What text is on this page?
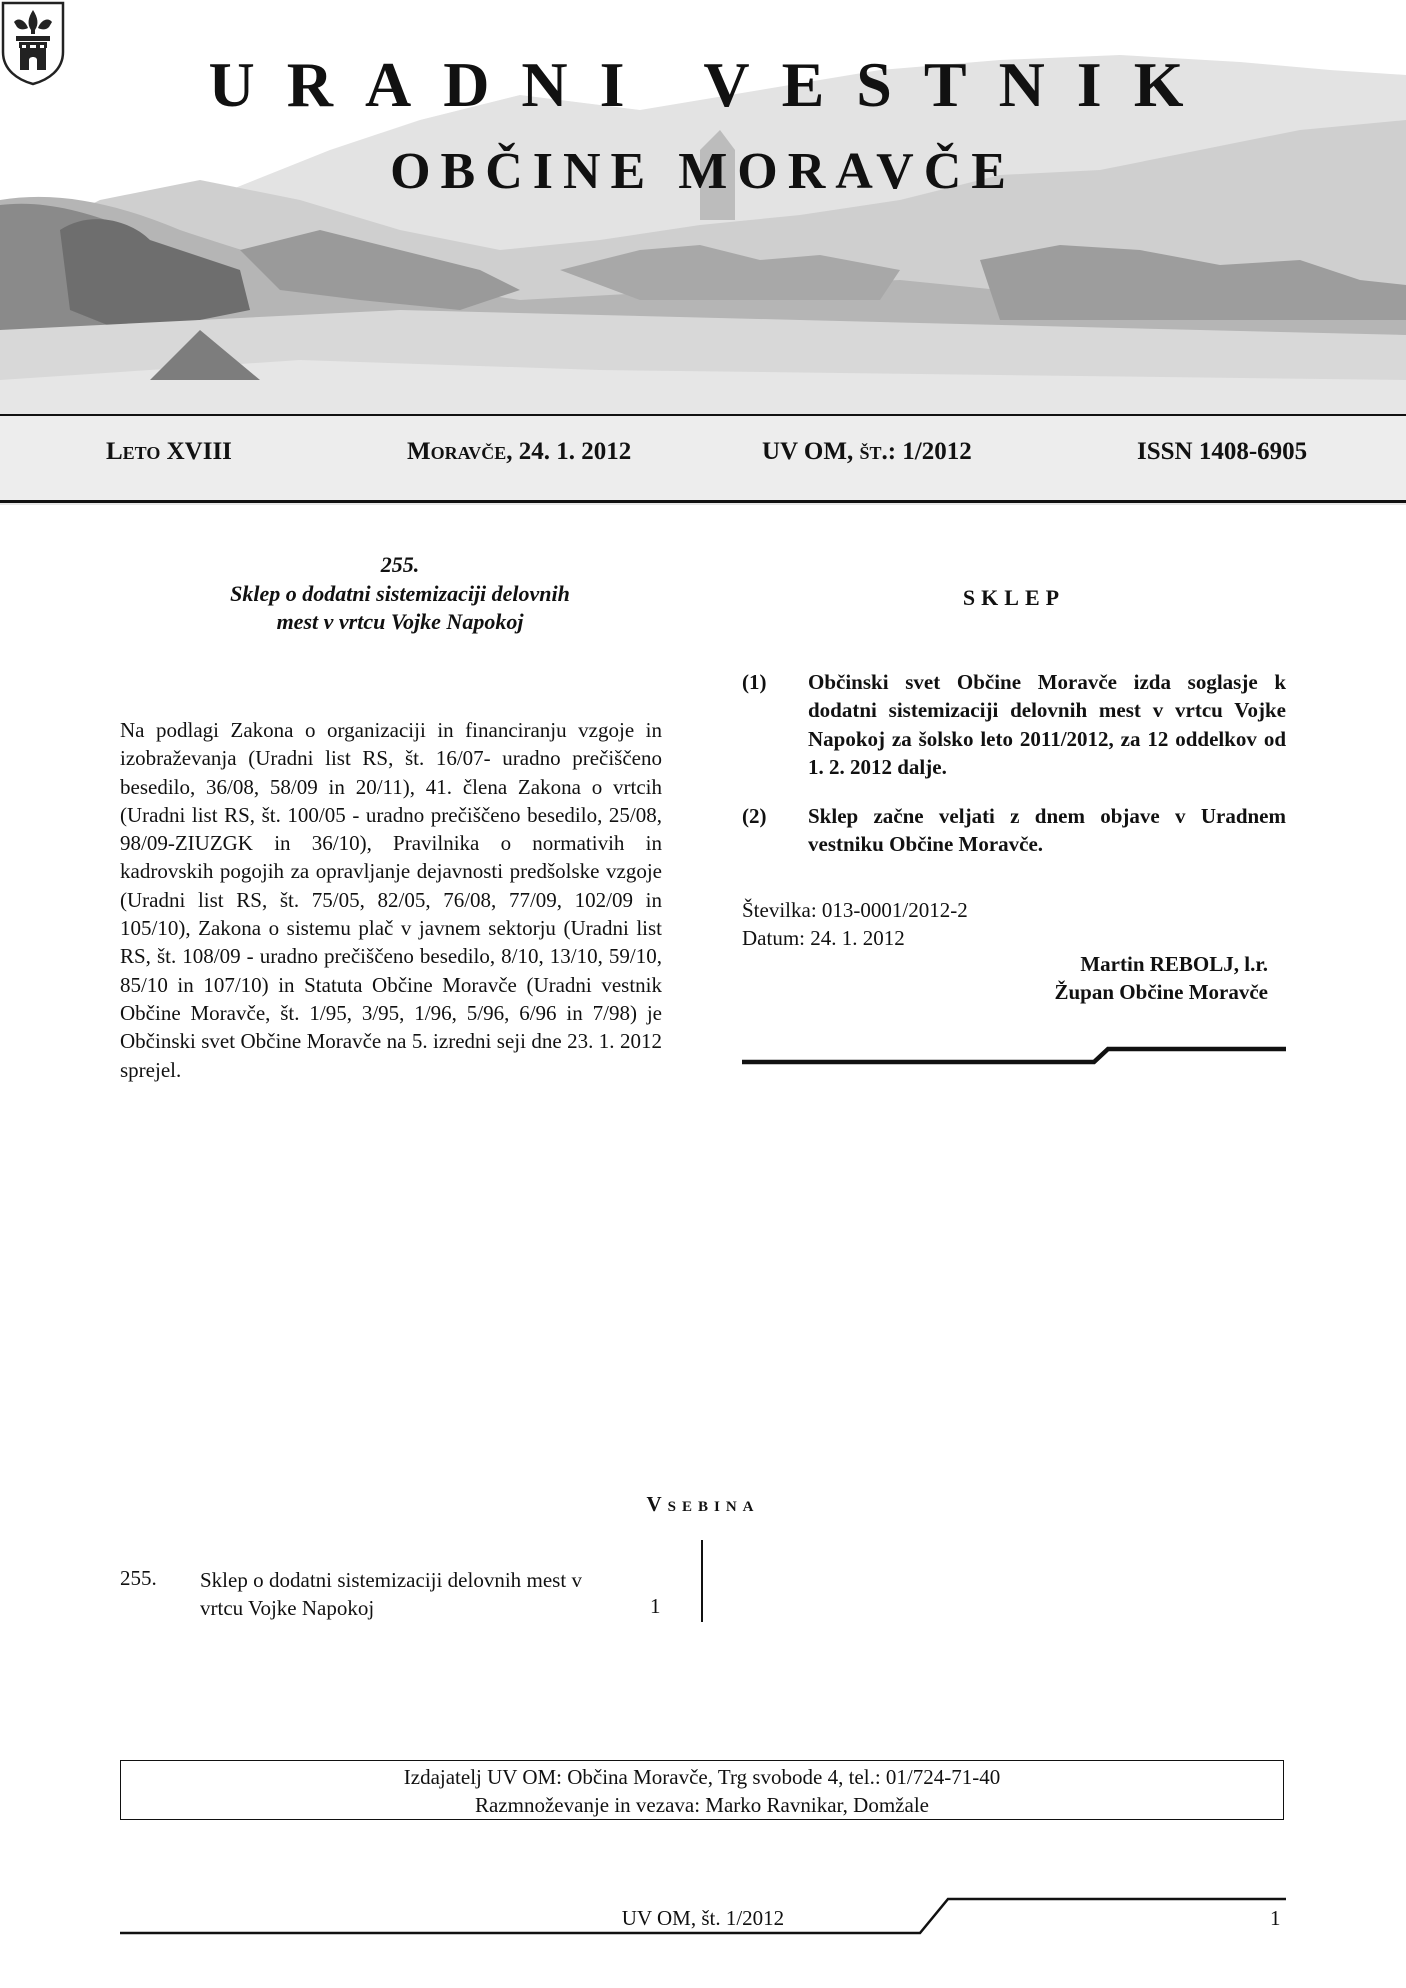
URADNI VESTNIK
OBČINE MORAVČE
Leto XVIII	Moravče, 24. 1. 2012	UV OM, št.: 1/2012	ISSN 1408-6905
255.
Sklep o dodatni sistemizaciji delovnih
mest v vrtcu Vojke Napokoj
Na podlagi Zakona o organizaciji in financiranju vzgoje in izobraževanja (Uradni list RS, št. 16/07- uradno prečiščeno besedilo, 36/08, 58/09 in 20/11), 41. člena Zakona o vrtcih (Uradni list RS, št. 100/05 - uradno prečiščeno besedilo, 25/08, 98/09-ZIUZGK in 36/10), Pravilnika o normativih in kadrovskih pogojih za opravljanje dejavnosti predšolske vzgoje (Uradni list RS, št. 75/05, 82/05, 76/08, 77/09, 102/09 in 105/10), Zakona o sistemu plač v javnem sektorju (Uradni list RS, št. 108/09 - uradno prečiščeno besedilo, 8/10, 13/10, 59/10, 85/10 in 107/10) in Statuta Občine Moravče (Uradni vestnik Občine Moravče, št. 1/95, 3/95, 1/96, 5/96, 6/96 in 7/98) je Občinski svet Občine Moravče na 5. izredni seji dne 23. 1. 2012 sprejel.
SKLEP
(1) Občinski svet Občine Moravče izda soglasje k dodatni sistemizaciji delovnih mest v vrtcu Vojke Napokoj za šolsko leto 2011/2012, za 12 oddelkov od 1. 2. 2012 dalje.
(2) Sklep začne veljati z dnem objave v Uradnem vestniku Občine Moravče.
Številka: 013-0001/2012-2
Datum: 24. 1. 2012
Martin REBOLJ, l.r.
Župan Občine Moravče
Vsebina
255. Sklep o dodatni sistemizaciji delovnih mest v vrtcu Vojke Napokoj	1
Izdajatelj UV OM: Občina Moravče, Trg svobode 4, tel.: 01/724-71-40
Razmnoževanje in vezava: Marko Ravnikar, Domžale
UV OM, št. 1/2012	1
